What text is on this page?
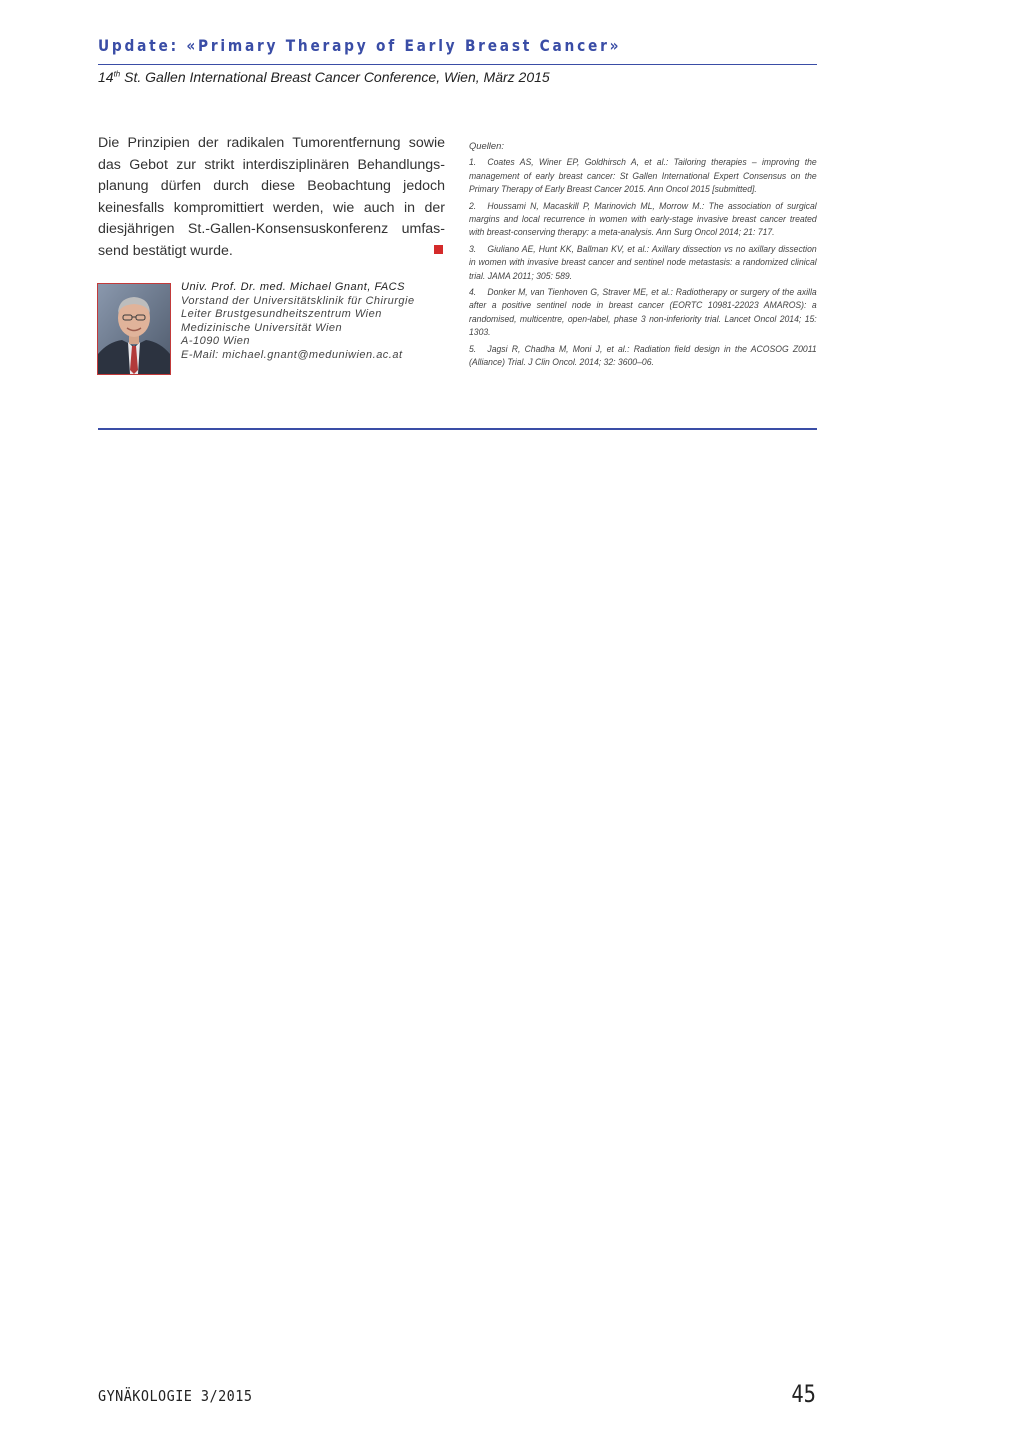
Update: «Primary Therapy of Early Breast Cancer»
14th St. Gallen International Breast Cancer Conference, Wien, März 2015

Die Prinzipien der radikalen Tumorentfernung sowie das Gebot zur strikt interdisziplinären Behandlungs-planung dürfen durch diese Beobachtung jedoch keinesfalls kompromittiert werden, wie auch in der diesjährigen St.-Gallen-Konsensuskonferenz umfas-send bestätigt wurde.

Univ. Prof. Dr. med. Michael Gnant, FACS
Vorstand der Universitätsklinik für Chirurgie
Leiter Brustgesundheitszentrum Wien
Medizinische Universität Wien
A-1090 Wien
E-Mail: michael.gnant@meduniwien.ac.at
Quellen:
1. Coates AS, Winer EP, Goldhirsch A, et al.: Tailoring therapies – improving the management of early breast cancer: St Gallen International Expert Consensus on the Primary Therapy of Early Breast Cancer 2015. Ann Oncol 2015 [submitted].
2. Houssami N, Macaskill P, Marinovich ML, Morrow M.: The association of surgical margins and local recurrence in women with early-stage invasive breast cancer treated with breast-conserving therapy: a meta-analysis. Ann Surg Oncol 2014; 21: 717.
3. Giuliano AE, Hunt KK, Ballman KV, et al.: Axillary dissection vs no axillary dissection in women with invasive breast cancer and sentinel node metastasis: a randomized clinical trial. JAMA 2011; 305: 589.
4. Donker M, van Tienhoven G, Straver ME, et al.: Radiotherapy or surgery of the axilla after a positive sentinel node in breast cancer (EORTC 10981-22023 AMAROS): a randomised, multicentre, open-label, phase 3 non-inferiority trial. Lancet Oncol 2014; 15: 1303.
5. Jagsi R, Chadha M, Moni J, et al.: Radiation field design in the ACOSOG Z0011 (Alliance) Trial. J Clin Oncol. 2014; 32: 3600–06.
GYNÄKOLOGIE 3/2015	45
